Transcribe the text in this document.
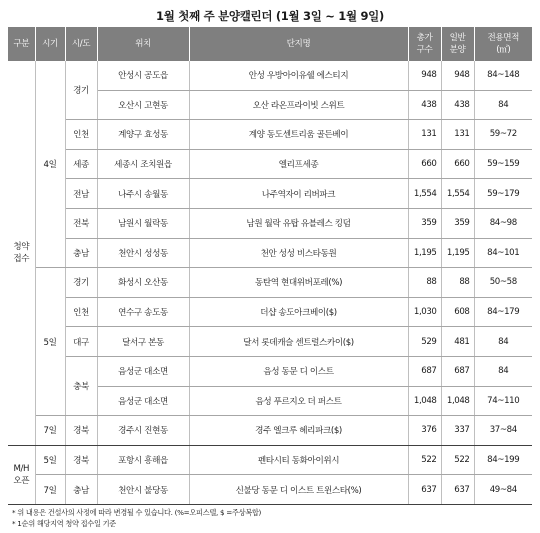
1월 첫째 주 분양캘린더 (1월 3일 ~ 1월 9일)
구분	시기	시/도	위치	단지명	총가구수	일반분양	전용면적(㎡)
청약접수	4일	경기	안성시 공도읍	안성 우방아이유쉘 에스티지	948	948	84~148
			오산시 고현동	오산 라온프라이빗 스위트	438	438	84
		인천	계양구 효성동	계양 동도센트리움 골든베이	131	131	59~72
		세종	세종시 조치원읍	엘리프세종	660	660	59~159
		전남	나주시 송월동	나주역자이 리버파크	1,554	1,554	59~179
		전북	남원시 월락동	남원 월락 유탑 유블레스 킹덤	359	359	84~98
		충남	천안시 성성동	천안 성성 비스타동원	1,195	1,195	84~101
	5일	경기	화성시 오산동	동탄역 현대위버포레(%)	88	88	50~58
		인천	연수구 송도동	더샵 송도아크베이($)	1,030	608	84~179
		대구	달서구 본동	달서 롯데캐슬 센트럴스카이($)	529	481	84
		충북	음성군 대소면	음성 동문 디 이스트	687	687	84
			음성군 대소면	음성 푸르지오 더 퍼스트	1,048	1,048	74~110
	7일	경북	경주시 진현동	경주 엘크루 헤리파크($)	376	337	37~84
M/H오픈	5일	경북	포항시 흥해읍	펜타시티 동화아이위시	522	522	84~199
	7일	충남	천안시 불당동	신불당 동문 디 이스트 트윈스타(%)	637	637	49~84
* 위 내용은 건설사의 사정에 따라 변경될 수 있습니다. (%=오피스텔, $ =주상복합)
* 1순위 해당지역 청약 접수일 기준
